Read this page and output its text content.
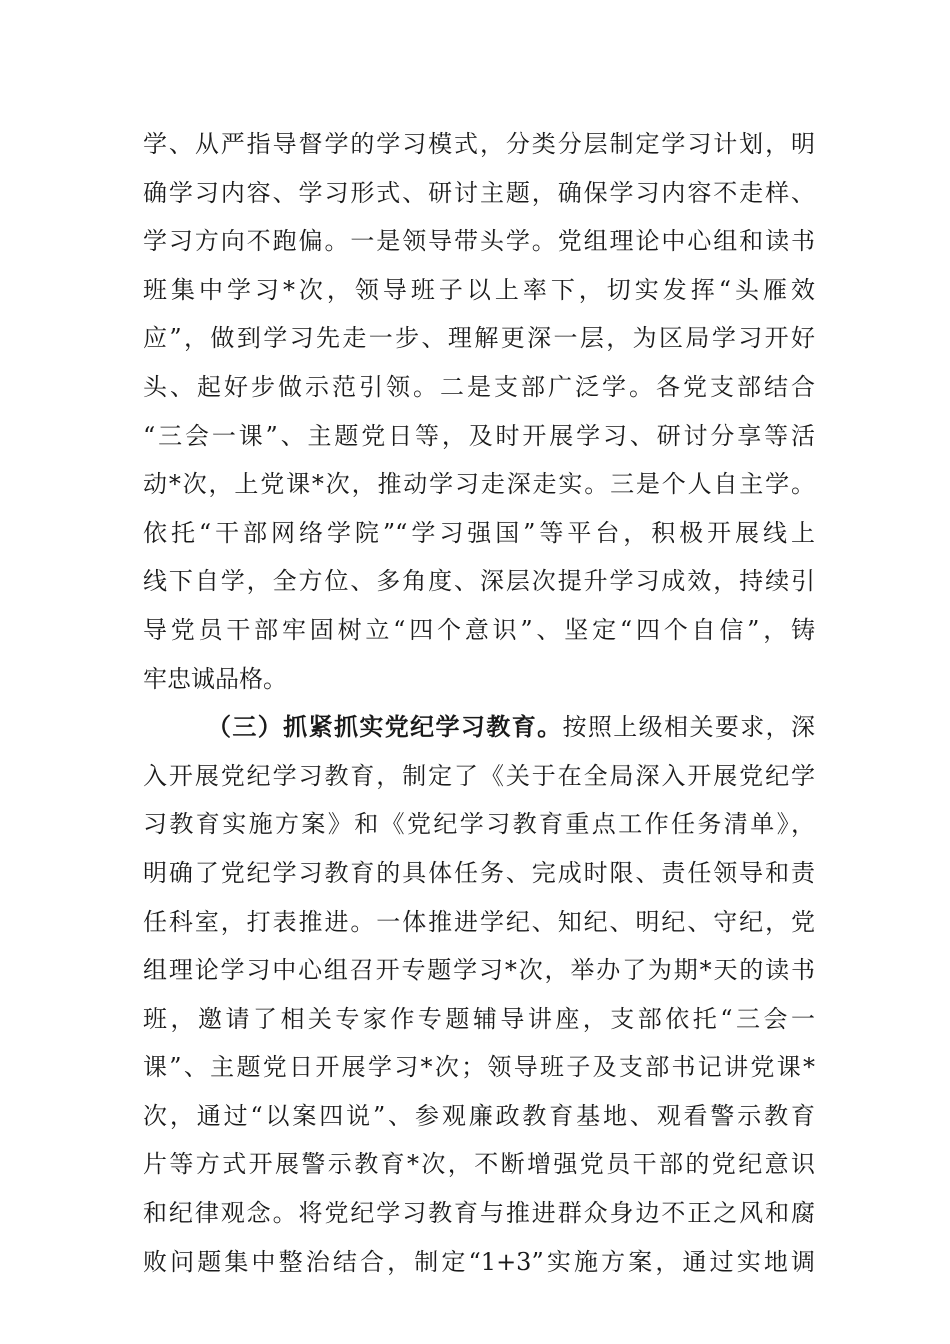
学、从严指导督学的学习模式，分类分层制定学习计划，明
确学习内容、学习形式、研讨主题，确保学习内容不走样、
学习方向不跑偏。一是领导带头学。党组理论中心组和读书
班集中学习*次，领导班子以上率下，切实发挥“头雁效
应”，做到学习先走一步、理解更深一层，为区局学习开好
头、起好步做示范引领。二是支部广泛学。各党支部结合
“三会一课”、主题党日等，及时开展学习、研讨分享等活
动*次，上党课*次，推动学习走深走实。三是个人自主学。
依托“干部网络学院”“学习强国”等平台，积极开展线上
线下自学，全方位、多角度、深层次提升学习成效，持续引
导党员干部牢固树立“四个意识”、坚定“四个自信”，铸
牢忠诚品格。
（三）抓紧抓实党纪学习教育。按照上级相关要求，深
入开展党纪学习教育，制定了《关于在全局深入开展党纪学
习教育实施方案》和《党纪学习教育重点工作任务清单》，
明确了党纪学习教育的具体任务、完成时限、责任领导和责
任科室，打表推进。一体推进学纪、知纪、明纪、守纪，党
组理论学习中心组召开专题学习*次，举办了为期*天的读书
班，邀请了相关专家作专题辅导讲座，支部依托“三会一
课”、主题党日开展学习*次；领导班子及支部书记讲党课*
次，通过“以案四说”、参观廉政教育基地、观看警示教育
片等方式开展警示教育*次，不断增强党员干部的党纪意识
和纪律观念。将党纪学习教育与推进群众身边不正之风和腐
败问题集中整治结合，制定“1+3”实施方案，通过实地调
